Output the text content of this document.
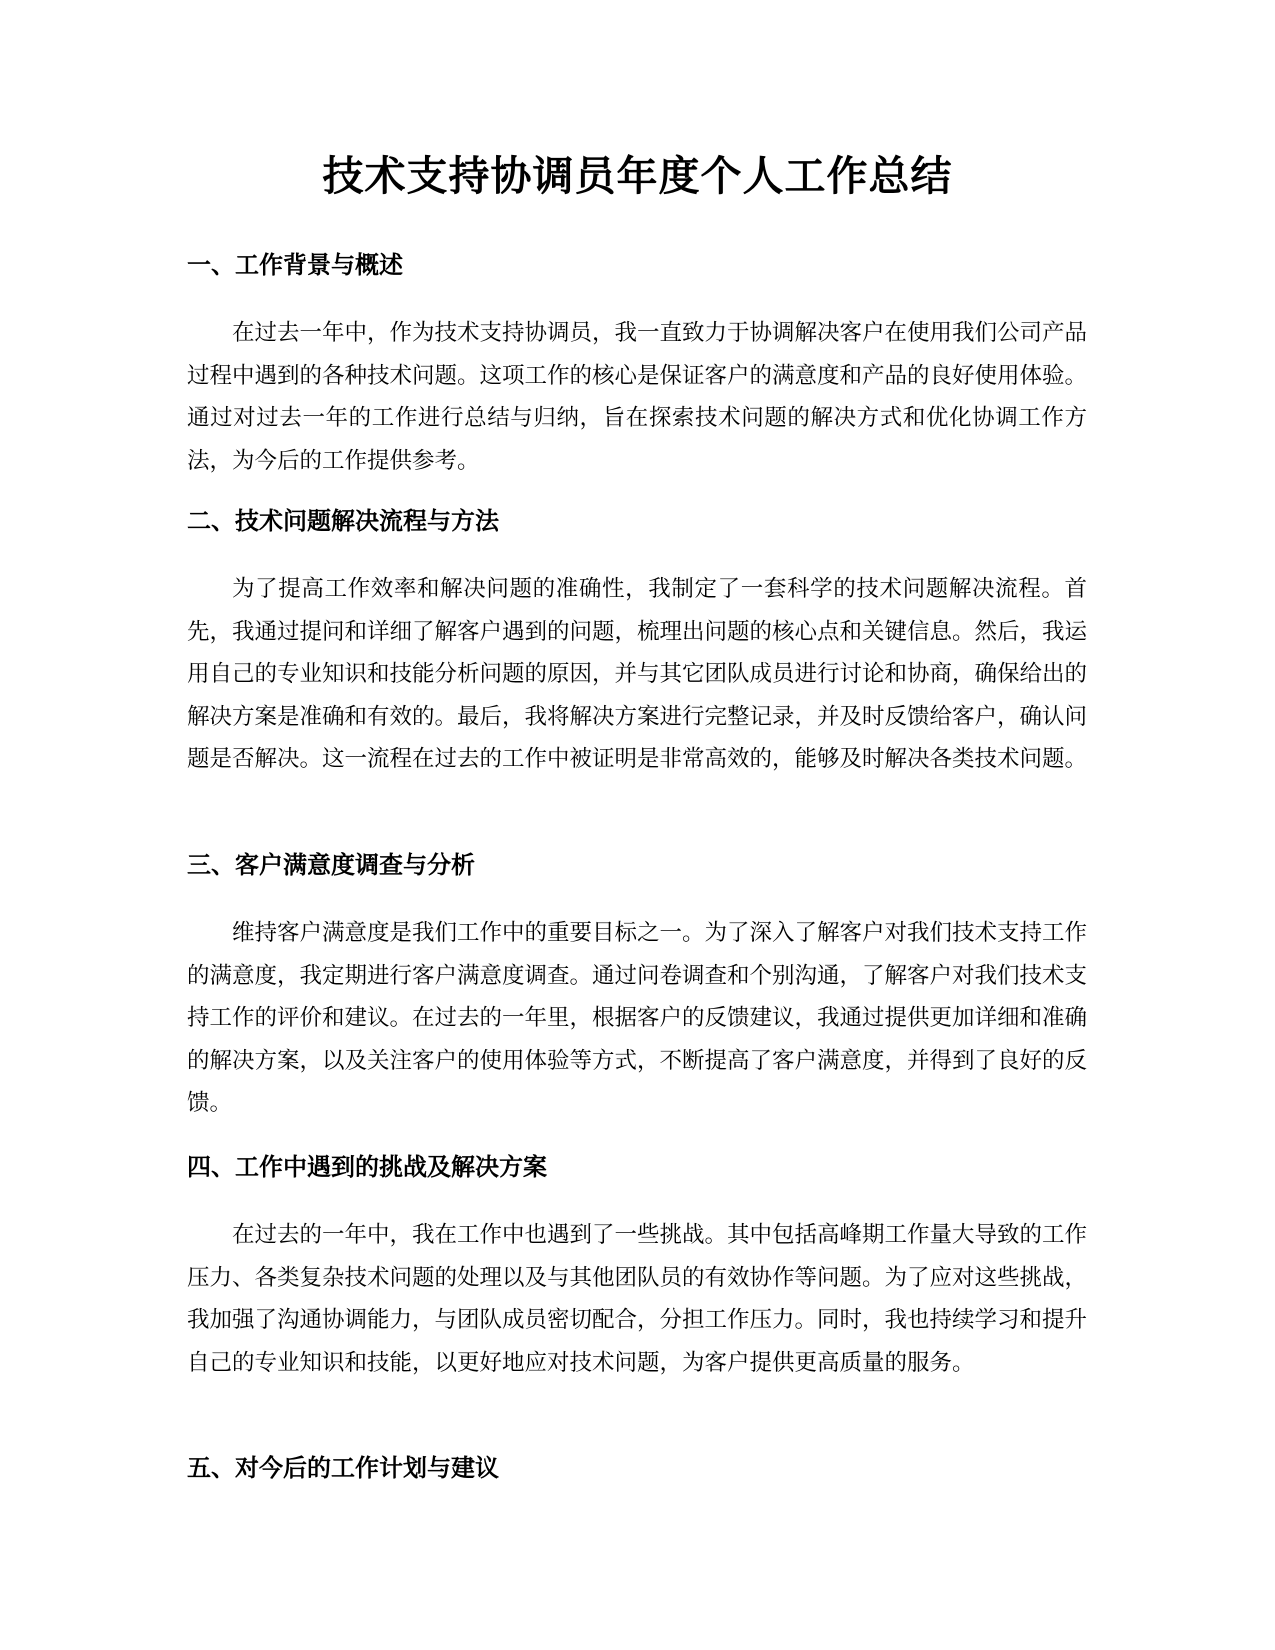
技术支持协调员年度个人工作总结
一、工作背景与概述

在过去一年中，作为技术支持协调员，我一直致力于协调解决客户在使用我们公司产品过程中遇到的各种技术问题。这项工作的核心是保证客户的满意度和产品的良好使用体验。通过对过去一年的工作进行总结与归纳，旨在探索技术问题的解决方式和优化协调工作方法，为今后的工作提供参考。

二、技术问题解决流程与方法

为了提高工作效率和解决问题的准确性，我制定了一套科学的技术问题解决流程。首先，我通过提问和详细了解客户遇到的问题，梳理出问题的核心点和关键信息。然后，我运用自己的专业知识和技能分析问题的原因，并与其它团队成员进行讨论和协商，确保给出的解决方案是准确和有效的。最后，我将解决方案进行完整记录，并及时反馈给客户，确认问题是否解决。这一流程在过去的工作中被证明是非常高效的，能够及时解决各类技术问题。

三、客户满意度调查与分析

维持客户满意度是我们工作中的重要目标之一。为了深入了解客户对我们技术支持工作的满意度，我定期进行客户满意度调查。通过问卷调查和个别沟通，了解客户对我们技术支持工作的评价和建议。在过去的一年里，根据客户的反馈建议，我通过提供更加详细和准确的解决方案，以及关注客户的使用体验等方式，不断提高了客户满意度，并得到了良好的反馈。

四、工作中遇到的挑战及解决方案

在过去的一年中，我在工作中也遇到了一些挑战。其中包括高峰期工作量大导致的工作压力、各类复杂技术问题的处理以及与其他团队员的有效协作等问题。为了应对这些挑战，我加强了沟通协调能力，与团队成员密切配合，分担工作压力。同时，我也持续学习和提升自己的专业知识和技能，以更好地应对技术问题，为客户提供更高质量的服务。

五、对今后的工作计划与建议
